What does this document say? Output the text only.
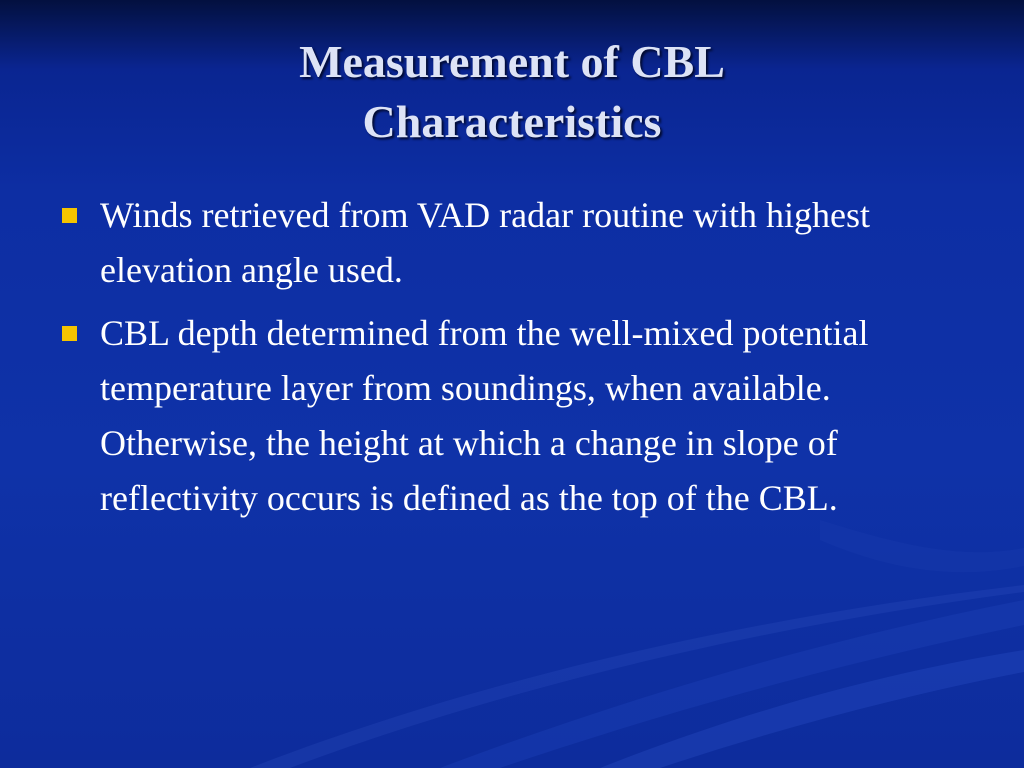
Measurement of CBL
Characteristics
Winds retrieved from VAD radar routine with highest elevation angle used.
CBL depth determined from the well-mixed potential temperature layer from soundings, when available.  Otherwise, the height at which a change in slope of reflectivity occurs is defined as the top of the CBL.
